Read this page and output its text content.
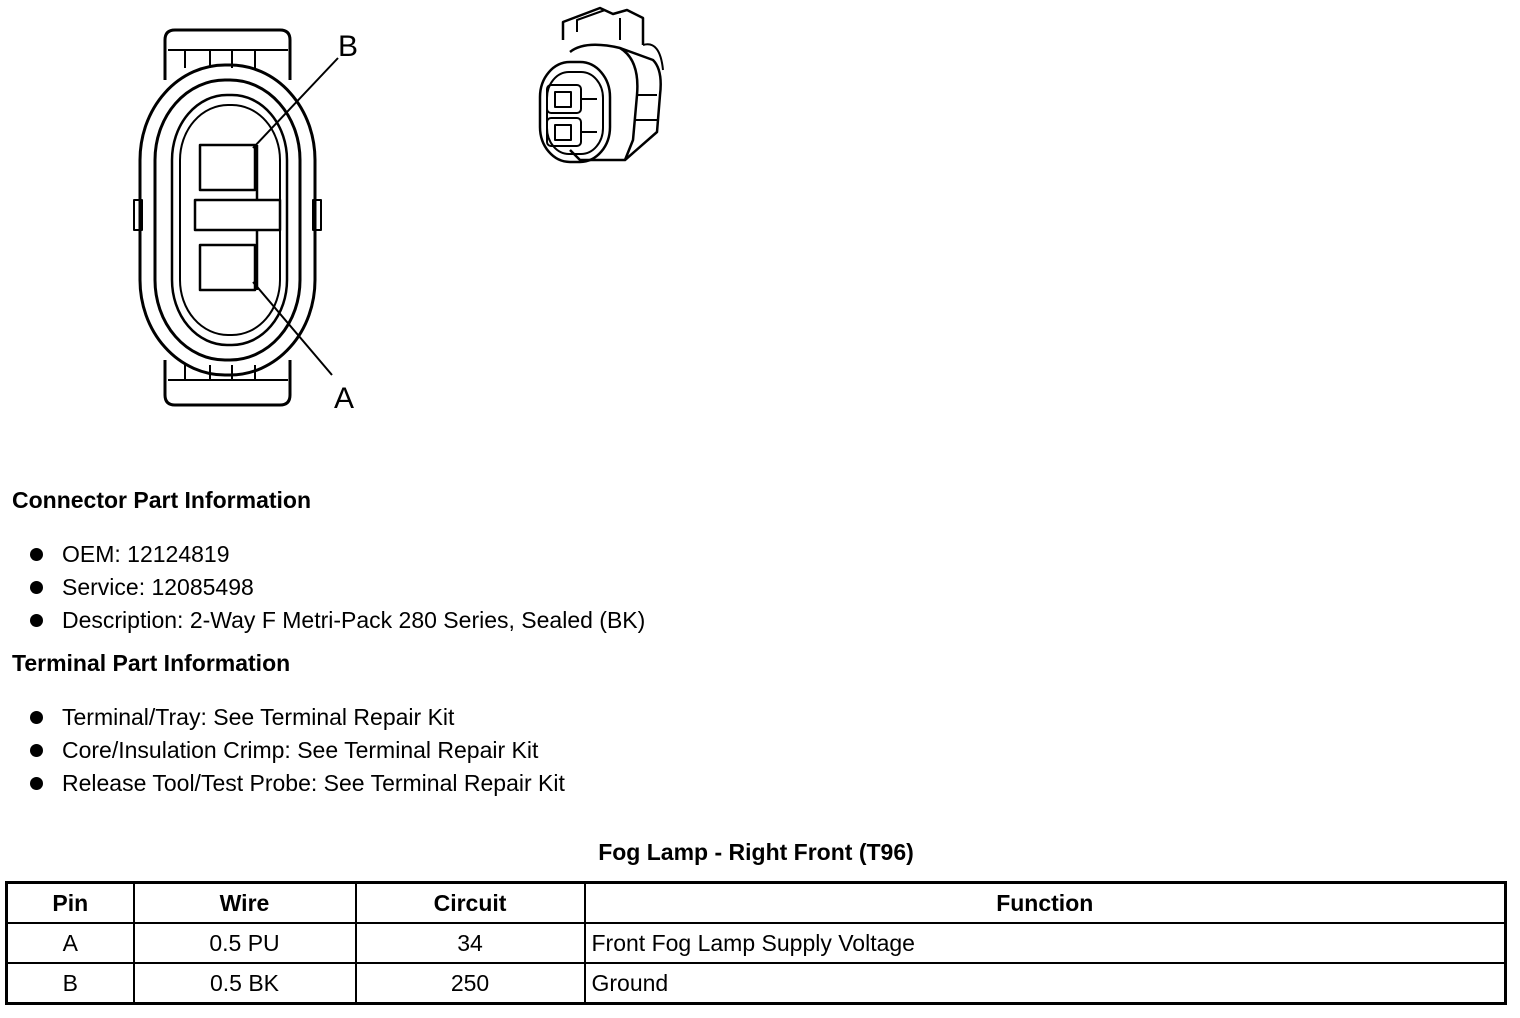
B
A
Connector Part Information
OEM: 12124819
Service: 12085498
Description: 2-Way F Metri-Pack 280 Series, Sealed (BK)
Terminal Part Information
Terminal/Tray: See Terminal Repair Kit
Core/Insulation Crimp: See Terminal Repair Kit
Release Tool/Test Probe: See Terminal Repair Kit
Fog Lamp - Right Front (T96)
Pin	Wire	Circuit	Function
A	0.5 PU	34	Front Fog Lamp Supply Voltage
B	0.5 BK	250	Ground
